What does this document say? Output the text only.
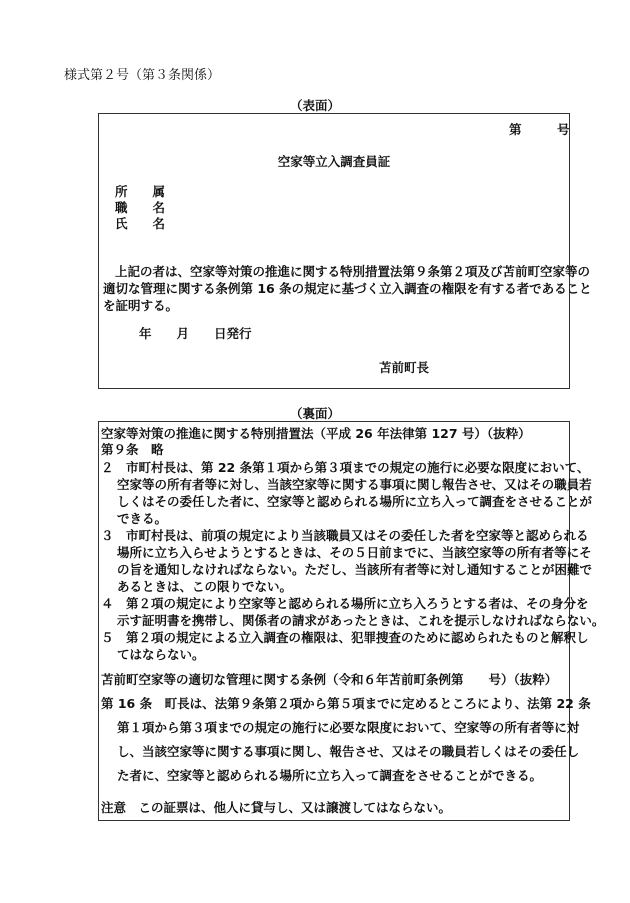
様式第２号（第３条関係）
（表面）
第	号
空家等立入調査員証
所　　属
職　　名
氏　　名
上記の者は、空家等対策の推進に関する特別措置法第９条第２項及び苫前町空家等の
適切な管理に関する条例第 16 条の規定に基づく立入調査の権限を有する者であること
を証明する。
年　　月　　日発行
苫前町長
（裏面）
空家等対策の推進に関する特別措置法（平成 26 年法律第 127 号）（抜粋）
第９条　略
２　市町村長は、第 22 条第１項から第３項までの規定の施行に必要な限度において、
空家等の所有者等に対し、当該空家等に関する事項に関し報告させ、又はその職員若
しくはその委任した者に、空家等と認められる場所に立ち入って調査をさせることが
できる。
３　市町村長は、前項の規定により当該職員又はその委任した者を空家等と認められる
場所に立ち入らせようとするときは、その５日前までに、当該空家等の所有者等にそ
の旨を通知しなければならない。ただし、当該所有者等に対し通知することが困難で
あるときは、この限りでない。
４　第２項の規定により空家等と認められる場所に立ち入ろうとする者は、その身分を
示す証明書を携帯し、関係者の請求があったときは、これを提示しなければならない。
５　第２項の規定による立入調査の権限は、犯罪捜査のために認められたものと解釈し
てはならない。
苫前町空家等の適切な管理に関する条例（令和６年苫前町条例第　　号）（抜粋）
第 16 条　町長は、法第９条第２項から第５項までに定めるところにより、法第 22 条
第１項から第３項までの規定の施行に必要な限度において、空家等の所有者等に対
し、当該空家等に関する事項に関し、報告させ、又はその職員若しくはその委任し
た者に、空家等と認められる場所に立ち入って調査をさせることができる。
注意　この証票は、他人に貸与し、又は譲渡してはならない。
